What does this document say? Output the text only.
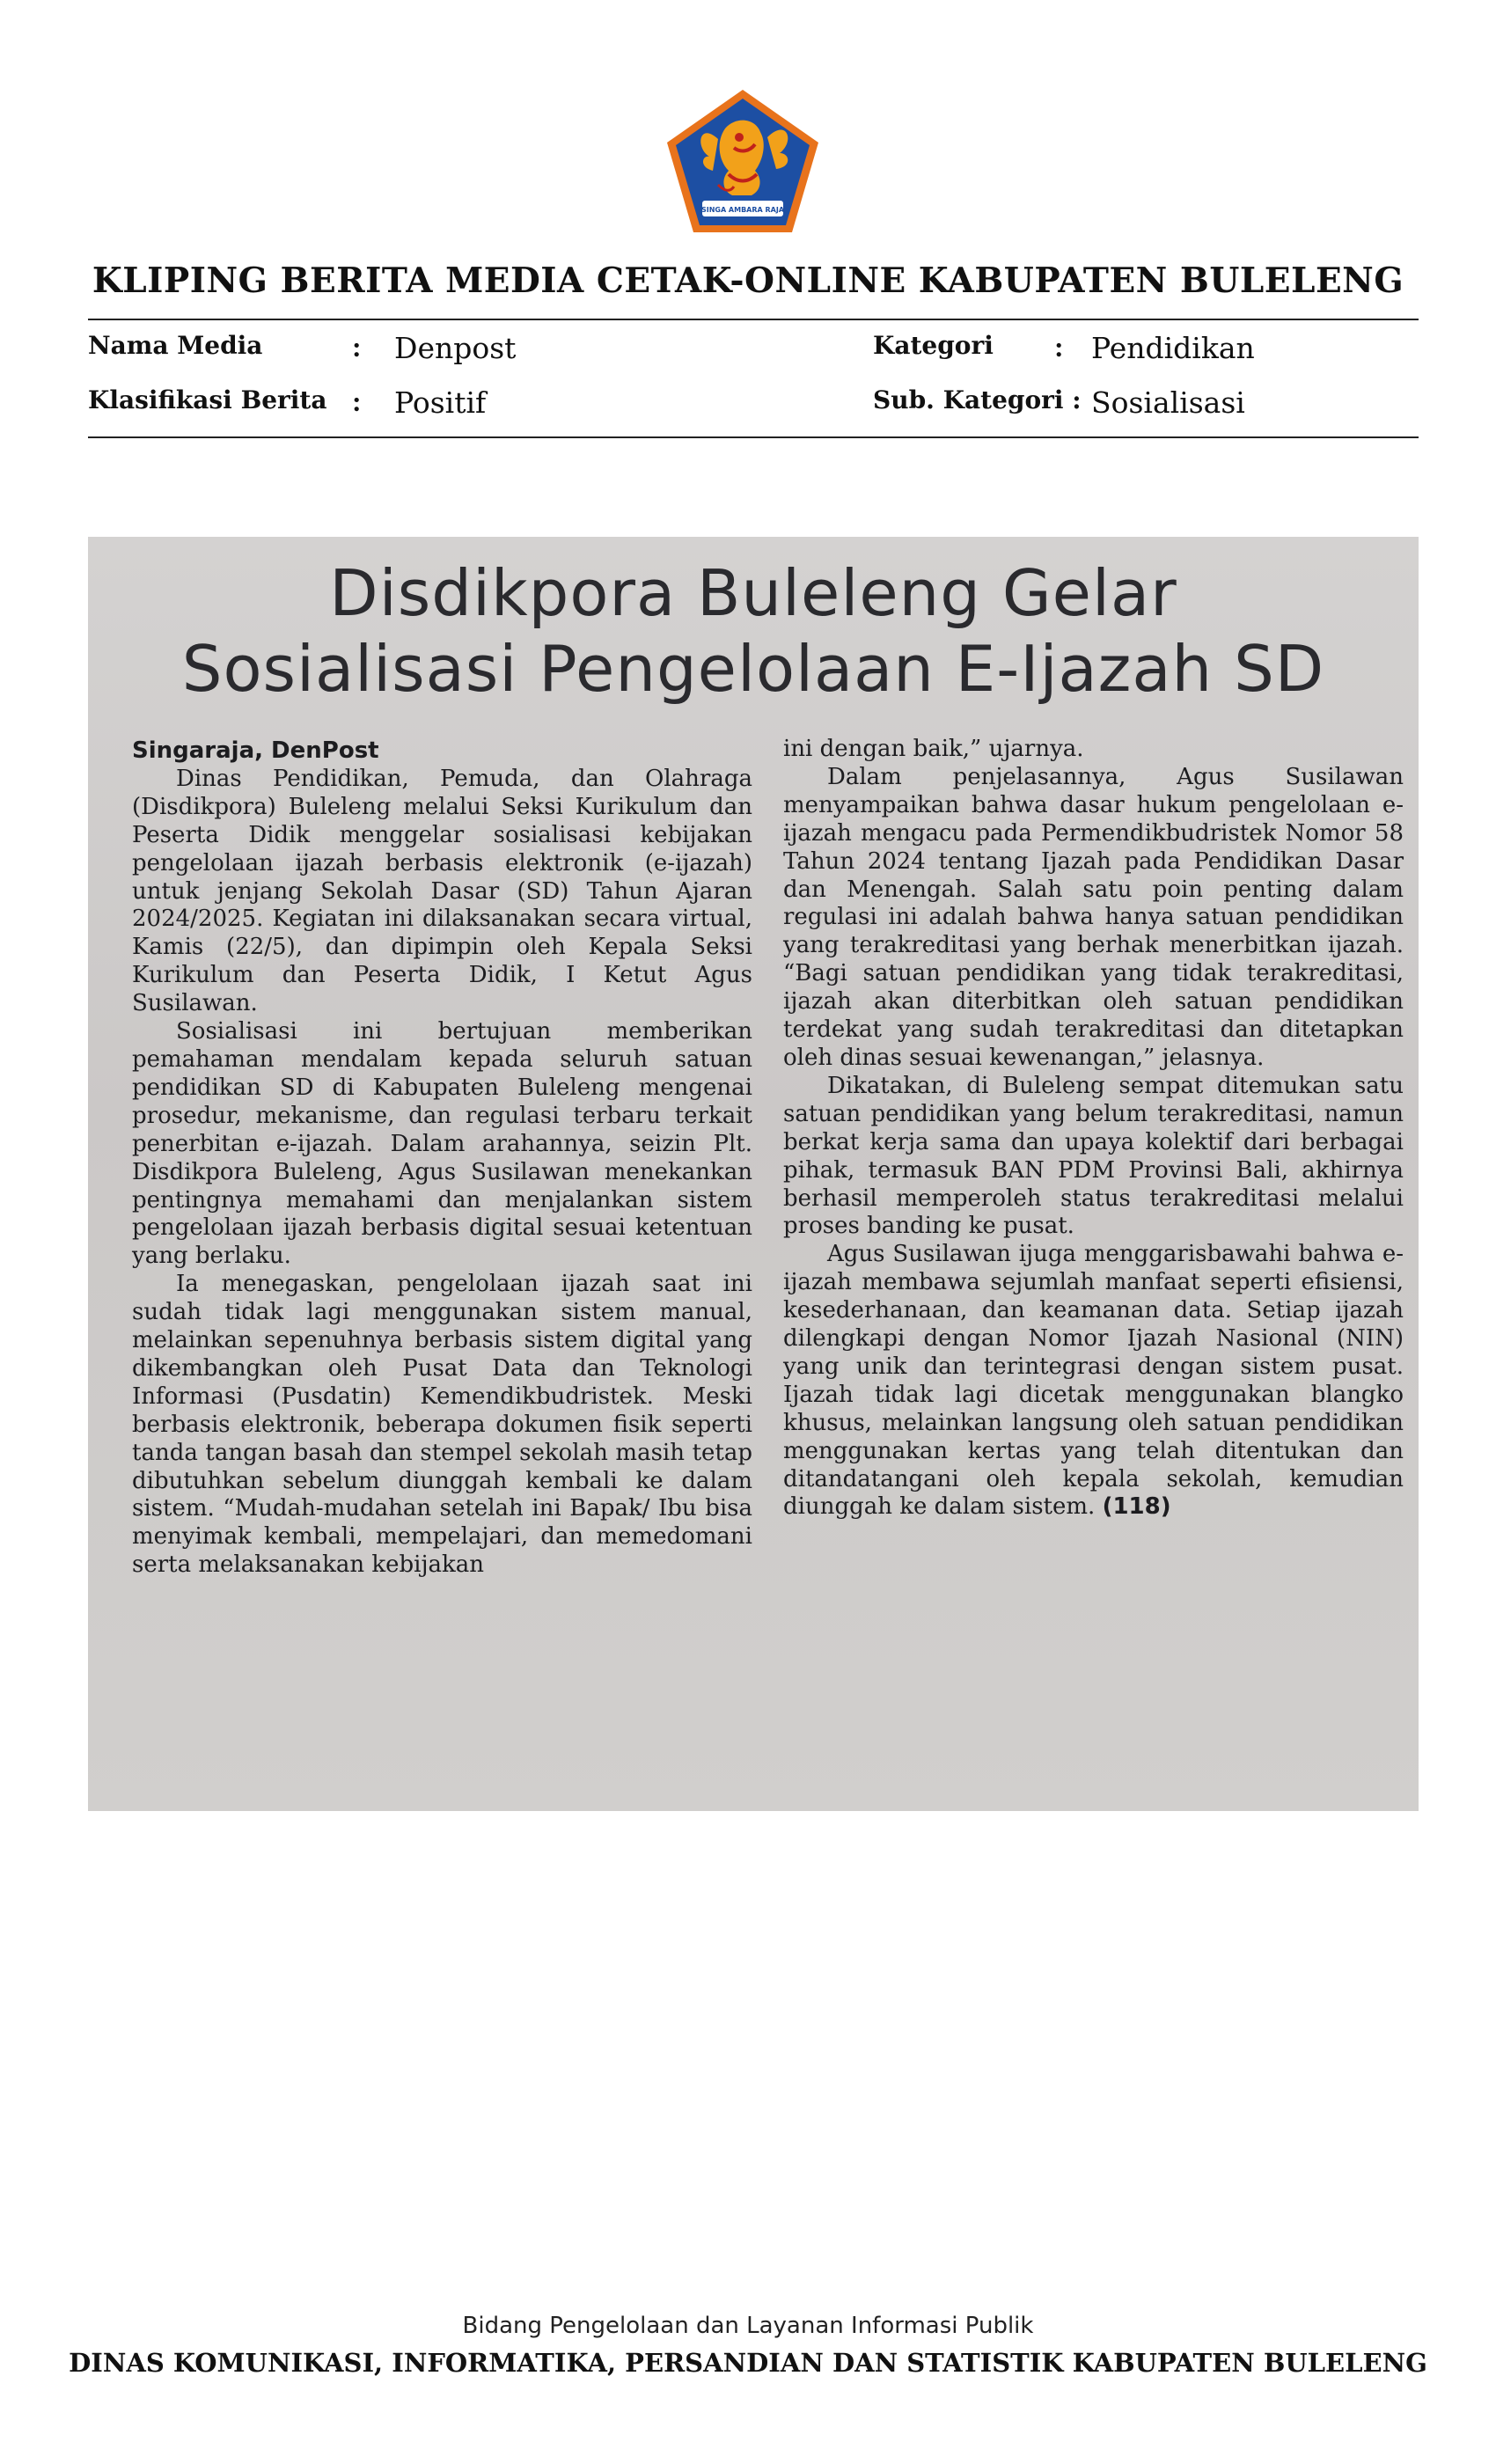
SINGA AMBARA RAJA
KLIPING BERITA MEDIA CETAK-ONLINE KABUPATEN BULELENG
Nama Media	: Denpost
Klasifikasi Berita : Positif
Kategori : Pendidikan
Sub. Kategori : Sosialisasi
Disdikpora Buleleng Gelar
Sosialisasi Pengelolaan E-Ijazah SD

Singaraja, DenPost

Dinas Pendidikan, Pemuda, dan Olahraga (Disdikpora) Buleleng melalui Seksi Kurikulum dan Peserta Didik menggelar sosialisasi kebijakan pengelolaan ijazah berbasis elektronik (e-ijazah) untuk jenjang Sekolah Dasar (SD) Tahun Ajaran 2024/2025. Kegiatan ini dilaksanakan secara virtual, Kamis (22/5), dan dipimpin oleh Kepala Seksi Kurikulum dan Peserta Didik, I Ketut Agus Susilawan.

Sosialisasi ini bertujuan memberikan pemahaman mendalam kepada seluruh satuan pendidikan SD di Kabupaten Buleleng mengenai prosedur, mekanisme, dan regulasi terbaru terkait penerbitan e-ijazah. Dalam arahannya, seizin Plt. Disdikpora Buleleng, Agus Susilawan menekankan pentingnya memahami dan menjalankan sistem pengelolaan ijazah berbasis digital sesuai ketentuan yang berlaku.

Ia menegaskan, pengelolaan ijazah saat ini sudah tidak lagi menggunakan sistem manual, melainkan sepenuhnya berbasis sistem digital yang dikembangkan oleh Pusat Data dan Teknologi Informasi (Pusdatin) Kemendikbudristek. Meski berbasis elektronik, beberapa dokumen fisik seperti tanda tangan basah dan stempel sekolah masih tetap dibutuhkan sebelum diunggah kembali ke dalam sistem. “Mudah-mudahan setelah ini Bapak/ Ibu bisa menyimak kembali, mempelajari, dan memedomani serta melaksanakan kebijakan

ini dengan baik,” ujarnya.

Dalam penjelasannya, Agus Susilawan menyampaikan bahwa dasar hukum pengelolaan e-ijazah mengacu pada Permendikbudristek Nomor 58 Tahun 2024 tentang Ijazah pada Pendidikan Dasar dan Menengah. Salah satu poin penting dalam regulasi ini adalah bahwa hanya satuan pendidikan yang terakreditasi yang berhak menerbitkan ijazah. “Bagi satuan pendidikan yang tidak terakreditasi, ijazah akan diterbitkan oleh satuan pendidikan terdekat yang sudah terakreditasi dan ditetapkan oleh dinas sesuai kewenangan,” jelasnya.

Dikatakan, di Buleleng sempat ditemukan satu satuan pendidikan yang belum terakreditasi, namun berkat kerja sama dan upaya kolektif dari berbagai pihak, termasuk BAN PDM Provinsi Bali, akhirnya berhasil memperoleh status terakreditasi melalui proses banding ke pusat.

Agus Susilawan ijuga menggarisbawahi bahwa e-ijazah membawa sejumlah manfaat seperti efisiensi, kesederhanaan, dan keamanan data. Setiap ijazah dilengkapi dengan Nomor Ijazah Nasional (NIN) yang unik dan terintegrasi dengan sistem pusat. Ijazah tidak lagi dicetak menggunakan blangko khusus, melainkan langsung oleh satuan pendidikan menggunakan kertas yang telah ditentukan dan ditandatangani oleh kepala sekolah, kemudian diunggah ke dalam sistem. (118)

Bidang Pengelolaan dan Layanan Informasi Publik
DINAS KOMUNIKASI, INFORMATIKA, PERSANDIAN DAN STATISTIK KABUPATEN BULELENG
